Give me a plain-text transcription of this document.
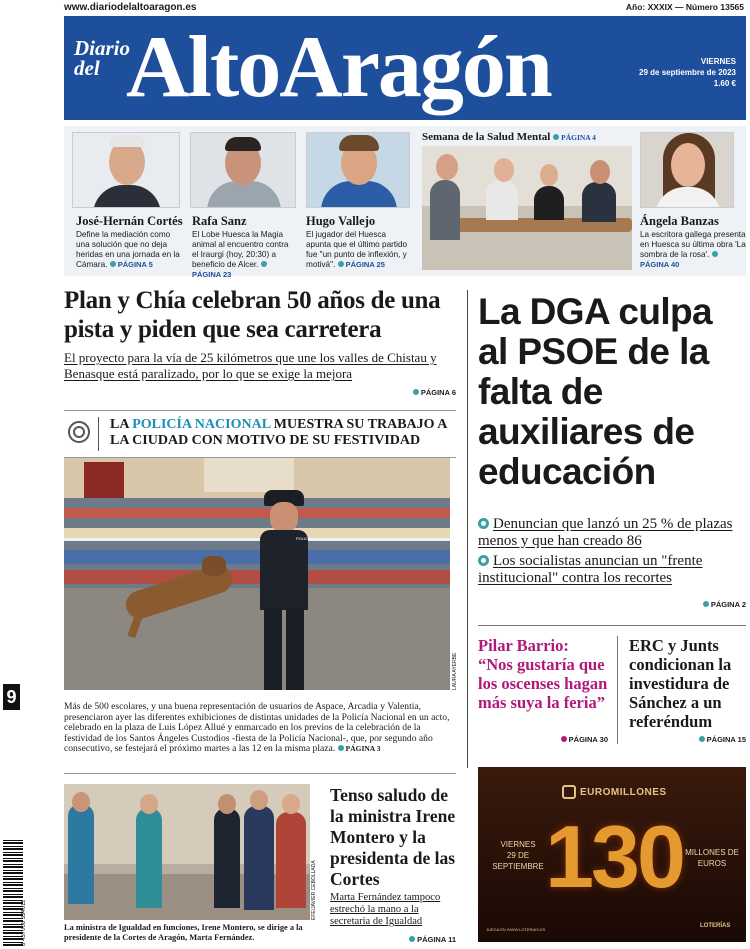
www.diariodelaltoaragon.es	Año: XXXIX — Número 13565
Diario
del AltoAragón	VIERNES
29 de septiembre de 2023
1.60 €
José-Hernán Cortés
Define la mediación como una solución que no deja heridas en una jornada en la Cámara. PÁGINA 5
Rafa Sanz
El Lobe Huesca la Magia animal al encuentro contra el Iraurgi (hoy, 20:30) a beneficio de Alcer. PÁGINA 23
Hugo Vallejo
El jugador del Huesca apunta que el último partido fue "un punto de inflexión, y motivá". PÁGINA 25
Semana de la Salud Mental PÁGINA 4
Ángela Banzas
La escritora gallega presenta en Huesca su última obra 'La sombra de la rosa'. PÁGINA 40
Plan y Chía celebran 50 años de una pista y piden que sea carretera
El proyecto para la vía de 25 kilómetros que une los valles de Chistau y Benasque está paralizado, por lo que se exige la mejora
PÁGINA 6
LA POLICÍA NACIONAL MUESTRA SU TRABAJO A LA CIUDAD CON MOTIVO DE SU FESTIVIDAD
POLICÍA
LAURA AYERBE
Más de 500 escolares, y una buena representación de usuarios de Aspace, Arcadia y Valentia, presenciaron ayer las diferentes exhibiciones de distintas unidades de la Policía Nacional en un acto, celebrado en la plaza de Luis López Allué y enmarcado en los previos de la celebración de la festividad de los Santos Ángeles Custodios -fiesta de la Policía Nacional-, que, por segundo año consecutivo, se festejará el próximo martes a las 12 en la misma plaza. PÁGINA 3
EFE/JAVIER CEBOLLADA
La ministra de Igualdad en funciones, Irene Montero, se dirige a la presidente de la Cortes de Aragón, Marta Fernández.
Tenso saludo de la ministra Irene Montero y la presidenta de las Cortes
Marta Fernández tampoco estrechó la mano a la secretaria de Igualdad
PÁGINA 11
La DGA culpa al PSOE de la falta de auxiliares de educación
Denuncian que lanzó un 25 % de plazas menos y que han creado 86
Los socialistas anuncian un "frente institucional" contra los recortes
PÁGINA 2
Pilar Barrio:
“Nos gustaría que los oscenses hagan más suya la feria”
PÁGINA 30
ERC y Junts condicionan la investidura de Sánchez a un referéndum
PÁGINA 15
EUROMILLONES
VIERNES
29 DE SEPTIEMBRE 130 MILLONES DE EUROS
JUEGA EN WWW.LOTERIAS.ES
LOTERÍAS
9
8 437008 334011
